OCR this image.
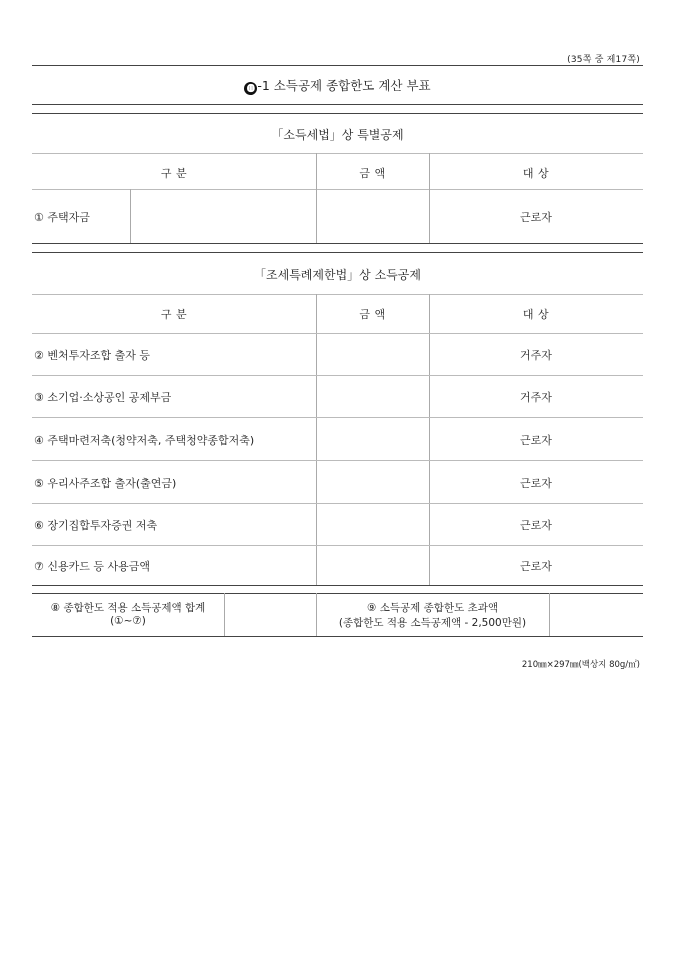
(35쪽 중 제17쪽)
⓫ -1 소득공제 종합한도 계산 부표
「소득세법」상 특별공제
구 분	금 액	대 상
① 주택자금	근로자
「조세특례제한법」상 소득공제
구 분	금 액	대 상
② 벤처투자조합 출자 등	거주자
③ 소기업·소상공인 공제부금	거주자
④ 주택마련저축(청약저축, 주택청약종합저축)	근로자
⑤ 우리사주조합 출자(출연금)	근로자
⑥ 장기집합투자증권 저축	근로자
⑦ 신용카드 등 사용금액	근로자
⑧ 종합한도 적용 소득공제액 합계
(①~⑦)
⑨ 소득공제 종합한도 초과액
(종합한도 적용 소득공제액 - 2,500만원)
210㎜×297㎜(백상지 80g/㎡)
